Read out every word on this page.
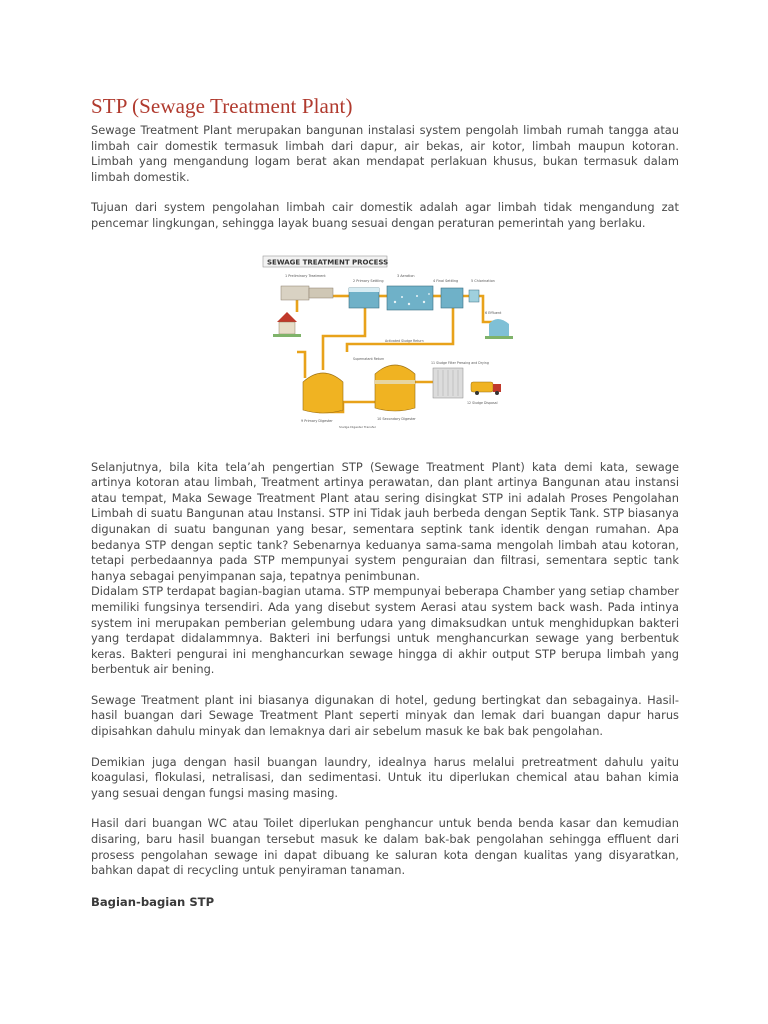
STP (Sewage Treatment Plant)

Sewage Treatment Plant merupakan bangunan instalasi system pengolah limbah rumah tangga atau limbah cair domestik termasuk limbah dari dapur, air bekas, air kotor, limbah maupun kotoran. Limbah yang mengandung logam berat akan mendapat perlakuan khusus, bukan termasuk dalam limbah domestik.

Tujuan dari system pengolahan limbah cair domestik adalah agar limbah tidak mengandung zat pencemar lingkungan, sehingga layak buang sesuai dengan peraturan pemerintah yang berlaku.

SEWAGE TREATMENT PROCESS
1 Preliminary Treatment
2 Primary Settling
3 Aeration
4 Final Settling	5 Chlorination
6 Effluent
Activated Sludge Return
Supernatant Return
9 Primary Digester	10 Secondary Digester
Sludge Digester Transfer
11 Sludge Filter Pressing and Drying
12 Sludge Disposal

Selanjutnya, bila kita tela’ah pengertian STP (Sewage Treatment Plant) kata demi kata, sewage artinya kotoran atau limbah, Treatment artinya perawatan, dan plant artinya Bangunan atau instansi atau tempat, Maka Sewage Treatment Plant atau sering disingkat STP ini adalah Proses Pengolahan Limbah di suatu Bangunan atau Instansi. STP ini Tidak jauh berbeda dengan Septik Tank. STP biasanya digunakan di suatu bangunan yang besar, sementara septink tank identik dengan rumahan. Apa bedanya STP dengan septic tank? Sebenarnya keduanya sama-sama mengolah limbah atau kotoran, tetapi perbedaannya pada STP mempunyai system penguraian dan filtrasi, sementara septic tank hanya sebagai penyimpanan saja, tepatnya penimbunan.

Didalam STP terdapat bagian-bagian utama. STP mempunyai beberapa Chamber yang setiap chamber memiliki fungsinya tersendiri. Ada yang disebut system Aerasi atau system back wash. Pada intinya system ini merupakan pemberian gelembung udara yang dimaksudkan untuk menghidupkan bakteri yang terdapat didalammnya. Bakteri ini berfungsi untuk menghancurkan sewage yang berbentuk keras. Bakteri pengurai ini menghancurkan sewage hingga di akhir output STP berupa limbah yang berbentuk air bening.

Sewage Treatment plant ini biasanya digunakan di hotel, gedung bertingkat dan sebagainya. Hasil-hasil buangan dari Sewage Treatment Plant seperti minyak dan lemak dari buangan dapur harus dipisahkan dahulu minyak dan lemaknya dari air sebelum masuk ke bak bak pengolahan.

Demikian juga dengan hasil buangan laundry, idealnya harus melalui pretreatment dahulu yaitu koagulasi, flokulasi, netralisasi, dan sedimentasi. Untuk itu diperlukan chemical atau bahan kimia yang sesuai dengan fungsi masing masing.

Hasil dari buangan WC atau Toilet diperlukan penghancur untuk benda benda kasar dan kemudian disaring, baru hasil buangan tersebut masuk ke dalam bak-bak pengolahan sehingga effluent dari prosess pengolahan sewage ini dapat dibuang ke saluran kota dengan kualitas yang disyaratkan, bahkan dapat di recycling untuk penyiraman tanaman.

Bagian-bagian STP
